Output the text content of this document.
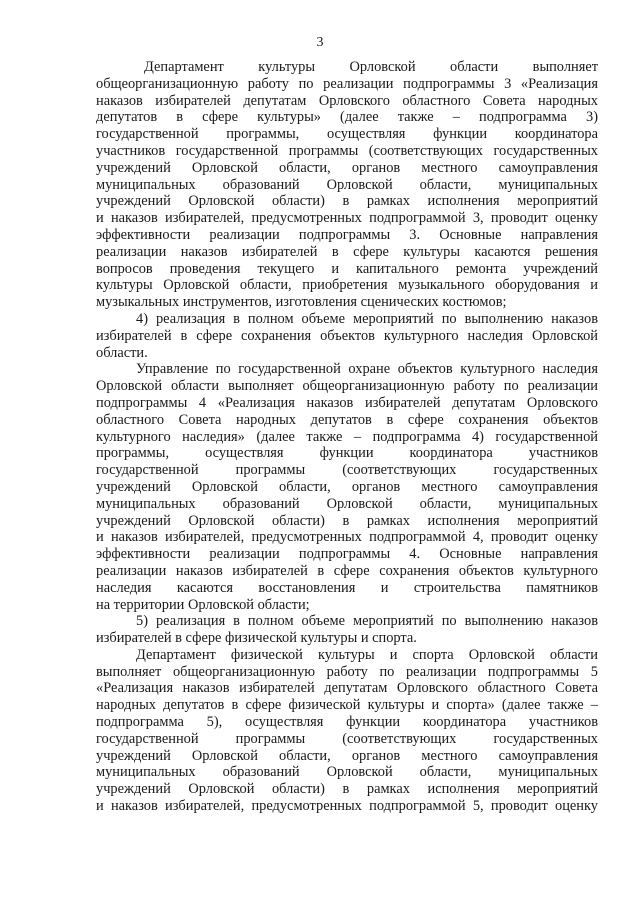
3
Департамент культуры Орловской области выполняет
общеорганизационную работу по реализации подпрограммы 3 «Реализация
наказов избирателей депутатам Орловского областного Совета народных
депутатов в сфере культуры» (далее также – подпрограмма 3)
государственной программы, осуществляя функции координатора
участников государственной программы (соответствующих государственных
учреждений Орловской области, органов местного самоуправления
муниципальных образований Орловской области, муниципальных
учреждений Орловской области) в рамках исполнения мероприятий
и наказов избирателей, предусмотренных подпрограммой 3, проводит оценку
эффективности реализации подпрограммы 3. Основные направления
реализации наказов избирателей в сфере культуры касаются решения
вопросов проведения текущего и капитального ремонта учреждений
культуры Орловской области, приобретения музыкального оборудования и
музыкальных инструментов, изготовления сценических костюмов;
4) реализация в полном объеме мероприятий по выполнению наказов
избирателей в сфере сохранения объектов культурного наследия Орловской
области.
Управление по государственной охране объектов культурного наследия
Орловской области выполняет общеорганизационную работу по реализации
подпрограммы 4 «Реализация наказов избирателей депутатам Орловского
областного Совета народных депутатов в сфере сохранения объектов
культурного наследия» (далее также – подпрограмма 4) государственной
программы, осуществляя функции координатора участников
государственной программы (соответствующих государственных
учреждений Орловской области, органов местного самоуправления
муниципальных образований Орловской области, муниципальных
учреждений Орловской области) в рамках исполнения мероприятий
и наказов избирателей, предусмотренных подпрограммой 4, проводит оценку
эффективности реализации подпрограммы 4. Основные направления
реализации наказов избирателей в сфере сохранения объектов культурного
наследия касаются восстановления и строительства памятников
на территории Орловской области;
5) реализация в полном объеме мероприятий по выполнению наказов
избирателей в сфере физической культуры и спорта.
Департамент физической культуры и спорта Орловской области
выполняет общеорганизационную работу по реализации подпрограммы 5
«Реализация наказов избирателей депутатам Орловского областного Совета
народных депутатов в сфере физической культуры и спорта» (далее также –
подпрограмма 5), осуществляя функции координатора участников
государственной программы (соответствующих государственных
учреждений Орловской области, органов местного самоуправления
муниципальных образований Орловской области, муниципальных
учреждений Орловской области) в рамках исполнения мероприятий
и наказов избирателей, предусмотренных подпрограммой 5, проводит оценку
